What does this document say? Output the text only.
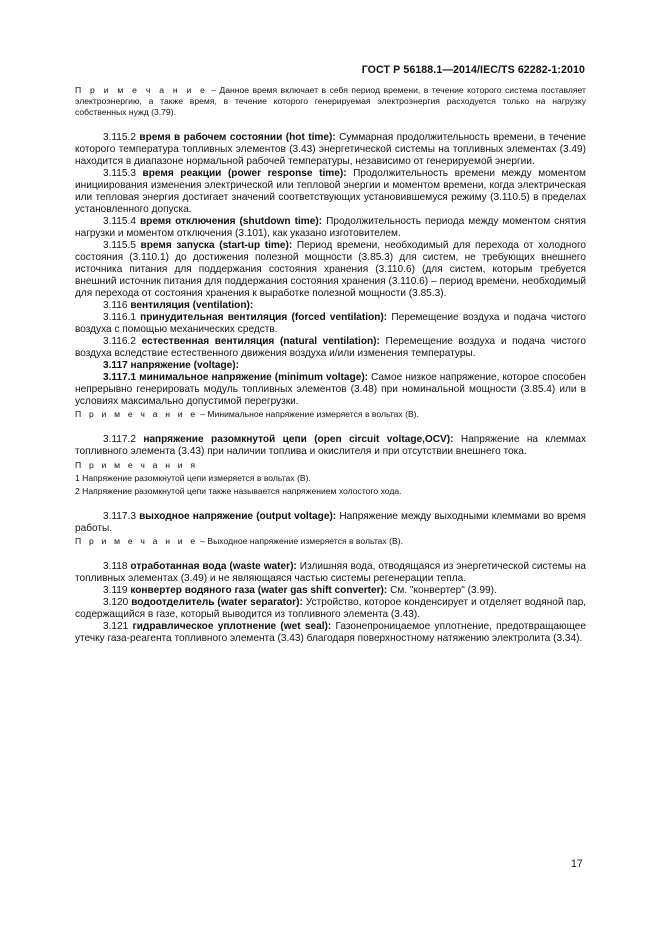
ГОСТ Р 56188.1—2014/IEC/TS 62282-1:2010

П р и м е ч а н и е – Данное время включает в себя период времени, в течение которого система поставляет электроэнергию, а также время, в течение которого генерируемая электроэнергия расходуется только на нагрузку собственных нужд (3.79).

3.115.2 время в рабочем состоянии (hot time): Суммарная продолжительность времени, в течение которого температура топливных элементов (3.43) энергетической системы на топливных элементах (3.49) находится в диапазоне нормальной рабочей температуры, независимо от генерируемой энергии.

3.115.3 время реакции (power response time): Продолжительность времени между моментом инициирования изменения электрической или тепловой энергии и моментом времени, когда электрическая или тепловая энергия достигает значений соответствующих установившемуся режиму (3.110.5) в пределах установленного допуска.

3.115.4 время отключения (shutdown time): Продолжительность периода между моментом снятия нагрузки и моментом отключения (3.101), как указано изготовителем.

3.115.5 время запуска (start-up time): Период времени, необходимый для перехода от холодного состояния (3.110.1) до достижения полезной мощности (3.85.3) для систем, не требующих внешнего источника питания для поддержания состояния хранения (3.110.6) (для систем, которым требуется внешний источник питания для поддержания состояния хранения (3.110.6) – период времени, необходимый для перехода от состояния хранения к выработке полезной мощности (3.85.3).

3.116 вентиляция (ventilation):

3.116.1 принудительная вентиляция (forced ventilation): Перемещение воздуха и подача чистого воздуха с помощью механических средств.

3.116.2 естественная вентиляция (natural ventilation): Перемещение воздуха и подача чистого воздуха вследствие естественного движения воздуха и/или изменения температуры.

3.117 напряжение (voltage):

3.117.1 минимальное напряжение (minimum voltage): Самое низкое напряжение, которое способен непрерывно генерировать модуль топливных элементов (3.48) при номинальной мощности (3.85.4) или в условиях максимально допустимой перегрузки.

П р и м е ч а н и е – Минимальное напряжение измеряется в вольтах (В).

3.117.2 напряжение разомкнутой цепи (open circuit voltage,OCV): Напряжение на клеммах топливного элемента (3.43) при наличии топлива и окислителя и при отсутствии внешнего тока.

П р и м е ч а н и я

1 Напряжение разомкнутой цепи измеряется в вольтах (В).

2 Напряжение разомкнутой цепи также называется напряжением холостого хода.

3.117.3 выходное напряжение (output voltage): Напряжение между выходными клеммами во время работы.

П р и м е ч а н и е – Выходное напряжение измеряется в вольтах (В).

3.118 отработанная вода (waste water): Излишняя вода, отводящаяся из энергетической системы на топливных элементах (3.49) и не являющаяся частью системы регенерации тепла.

3.119 конвертер водяного газа (water gas shift converter): См. "конвертер" (3.99).

3.120 водоотделитель (water separator): Устройство, которое конденсирует и отделяет водяной пар, содержащийся в газе, который выводится из топливного элемента (3.43).

3.121 гидравлическое уплотнение (wet seal): Газонепроницаемое уплотнение, предотвращающее утечку газа-реагента топливного элемента (3.43) благодаря поверхностному натяжению электролита (3.34).

17
